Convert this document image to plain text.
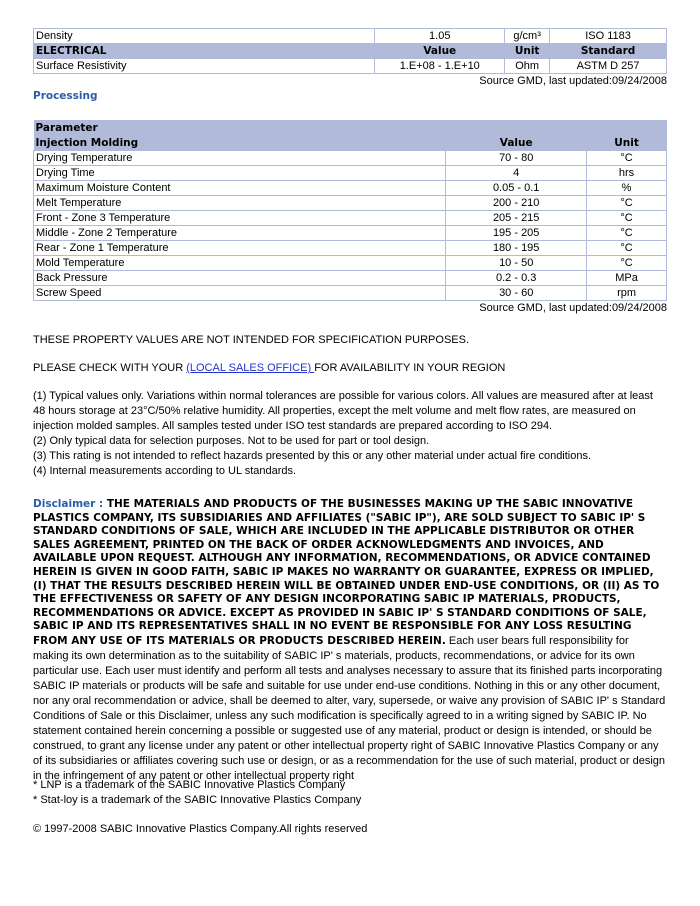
Density	1.05	g/cm³	ISO 1183
ELECTRICAL	Value	Unit	Standard
Surface Resistivity	1.E+08 - 1.E+10	Ohm	ASTM D 257
Source GMD, last updated:09/24/2008
Processing
Parameter		
Injection Molding	Value	Unit
Drying Temperature	70 - 80	°C
Drying Time	4	hrs
Maximum Moisture Content	0.05 - 0.1	%
Melt Temperature	200 - 210	°C
Front - Zone 3 Temperature	205 - 215	°C
Middle - Zone 2 Temperature	195 - 205	°C
Rear - Zone 1 Temperature	180 - 195	°C
Mold Temperature	10 - 50	°C
Back Pressure	0.2 - 0.3	MPa
Screw Speed	30 - 60	rpm
Source GMD, last updated:09/24/2008
THESE PROPERTY VALUES ARE NOT INTENDED FOR SPECIFICATION PURPOSES.
PLEASE CHECK WITH YOUR (LOCAL SALES OFFICE) FOR AVAILABILITY IN YOUR REGION
(1) Typical values only. Variations within normal tolerances are possible for various colors. All values are measured after at least 48 hours storage at 23°C/50% relative humidity. All properties, except the melt volume and melt flow rates, are measured on injection molded samples. All samples tested under ISO test standards are prepared according to ISO 294.
(2) Only typical data for selection purposes. Not to be used for part or tool design.
(3) This rating is not intended to reflect hazards presented by this or any other material under actual fire conditions.
(4) Internal measurements according to UL standards.
Disclaimer : THE MATERIALS AND PRODUCTS OF THE BUSINESSES MAKING UP THE SABIC INNOVATIVE PLASTICS COMPANY, ITS SUBSIDIARIES AND AFFILIATES ("SABIC IP"), ARE SOLD SUBJECT TO SABIC IP' S STANDARD CONDITIONS OF SALE, WHICH ARE INCLUDED IN THE APPLICABLE DISTRIBUTOR OR OTHER SALES AGREEMENT, PRINTED ON THE BACK OF ORDER ACKNOWLEDGMENTS AND INVOICES, AND AVAILABLE UPON REQUEST. ALTHOUGH ANY INFORMATION, RECOMMENDATIONS, OR ADVICE CONTAINED HEREIN IS GIVEN IN GOOD FAITH, SABIC IP MAKES NO WARRANTY OR GUARANTEE, EXPRESS OR IMPLIED, (I) THAT THE RESULTS DESCRIBED HEREIN WILL BE OBTAINED UNDER END-USE CONDITIONS, OR (II) AS TO THE EFFECTIVENESS OR SAFETY OF ANY DESIGN INCORPORATING SABIC IP MATERIALS, PRODUCTS, RECOMMENDATIONS OR ADVICE. EXCEPT AS PROVIDED IN SABIC IP' S STANDARD CONDITIONS OF SALE, SABIC IP AND ITS REPRESENTATIVES SHALL IN NO EVENT BE RESPONSIBLE FOR ANY LOSS RESULTING FROM ANY USE OF ITS MATERIALS OR PRODUCTS DESCRIBED HEREIN. Each user bears full responsibility for making its own determination as to the suitability of SABIC IP' s materials, products, recommendations, or advice for its own particular use. Each user must identify and perform all tests and analyses necessary to assure that its finished parts incorporating SABIC IP materials or products will be safe and suitable for use under end-use conditions. Nothing in this or any other document, nor any oral recommendation or advice, shall be deemed to alter, vary, supersede, or waive any provision of SABIC IP' s Standard Conditions of Sale or this Disclaimer, unless any such modification is specifically agreed to in a writing signed by SABIC IP. No statement contained herein concerning a possible or suggested use of any material, product or design is intended, or should be construed, to grant any license under any patent or other intellectual property right of SABIC Innovative Plastics Company or any of its subsidiaries or affiliates covering such use or design, or as a recommendation for the use of such material, product or design in the infringement of any patent or other intellectual property right
* LNP is a trademark of the SABIC Innovative Plastics Company
* Stat-loy is a trademark of the SABIC Innovative Plastics Company
© 1997-2008 SABIC Innovative Plastics Company.All rights reserved
